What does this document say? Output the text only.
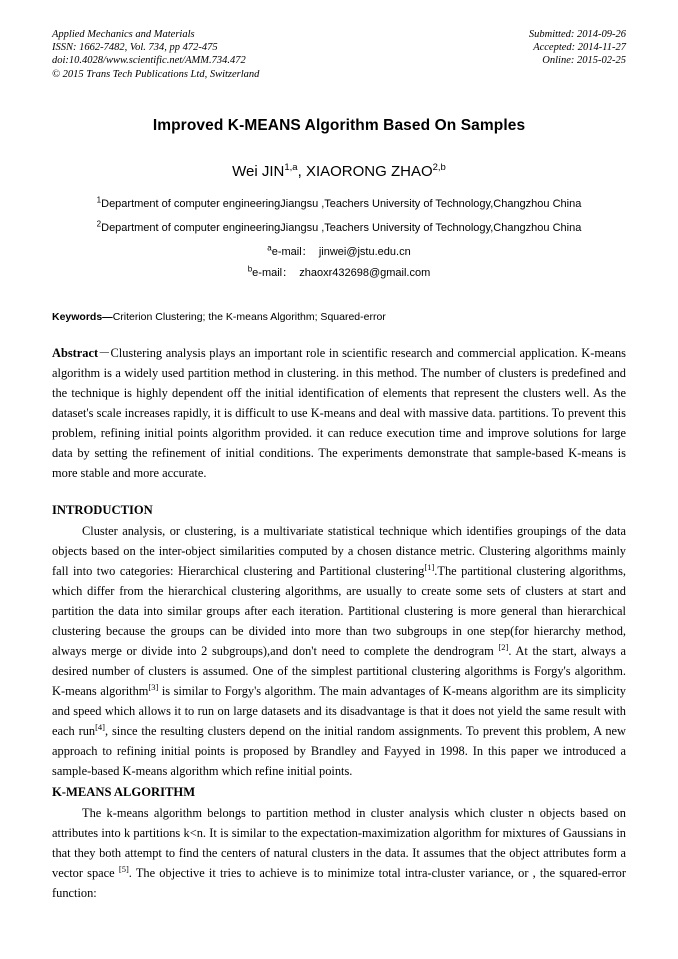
Applied Mechanics and Materials
ISSN: 1662-7482, Vol. 734, pp 472-475
doi:10.4028/www.scientific.net/AMM.734.472
© 2015 Trans Tech Publications Ltd, Switzerland
Submitted: 2014-09-26
Accepted: 2014-11-27
Online: 2015-02-25
Improved K-MEANS Algorithm Based On Samples
Wei JIN$^{1,a}$, XIAORONG ZHAO$^{2,b}$
$^1$Department of computer engineeringJiangsu ,Teachers University of Technology,Changzhou China
$^2$Department of computer engineeringJiangsu ,Teachers University of Technology,Changzhou China
$^a$e-mail： jinwei@jstu.edu.cn
$^b$e-mail： zhaoxr432698@gmail.com
Keywords—Criterion Clustering; the K-means Algorithm; Squared-error
Abstract－Clustering analysis plays an important role in scientific research and commercial application. K-means algorithm is a widely used partition method in clustering. in this method. The number of clusters is predefined and the technique is highly dependent off the initial identification of elements that represent the clusters well. As the dataset's scale increases rapidly, it is difficult to use K-means and deal with massive data. partitions. To prevent this problem, refining initial points algorithm provided. it can reduce execution time and improve solutions for large data by setting the refinement of initial conditions. The experiments demonstrate that sample-based K-means is more stable and more accurate.
INTRODUCTION
Cluster analysis, or clustering, is a multivariate statistical technique which identifies groupings of the data objects based on the inter-object similarities computed by a chosen distance metric. Clustering algorithms mainly fall into two categories: Hierarchical clustering and Partitional clustering[1].The partitional clustering algorithms, which differ from the hierarchical clustering algorithms, are usually to create some sets of clusters at start and partition the data into similar groups after each iteration. Partitional clustering is more general than hierarchical clustering because the groups can be divided into more than two subgroups in one step(for hierarchy method, always merge or divide into 2 subgroups),and don't need to complete the dendrogram [2]. At the start, always a desired number of clusters is assumed. One of the simplest partitional clustering algorithms is Forgy's algorithm. K-means algorithm[3] is similar to Forgy's algorithm. The main advantages of K-means algorithm are its simplicity and speed which allows it to run on large datasets and its disadvantage is that it does not yield the same result with each run[4], since the resulting clusters depend on the initial random assignments. To prevent this problem, A new approach to refining initial points is proposed by Brandley and Fayyed in 1998. In this paper we introduced a sample-based K-means algorithm which refine initial points.
K-MEANS ALGORITHM
The k-means algorithm belongs to partition method in cluster analysis which cluster n objects based on attributes into k partitions k<n. It is similar to the expectation-maximization algorithm for mixtures of Gaussians in that they both attempt to find the centers of natural clusters in the data. It assumes that the object attributes form a vector space [5]. The objective it tries to achieve is to minimize total intra-cluster variance, or , the squared-error function:
